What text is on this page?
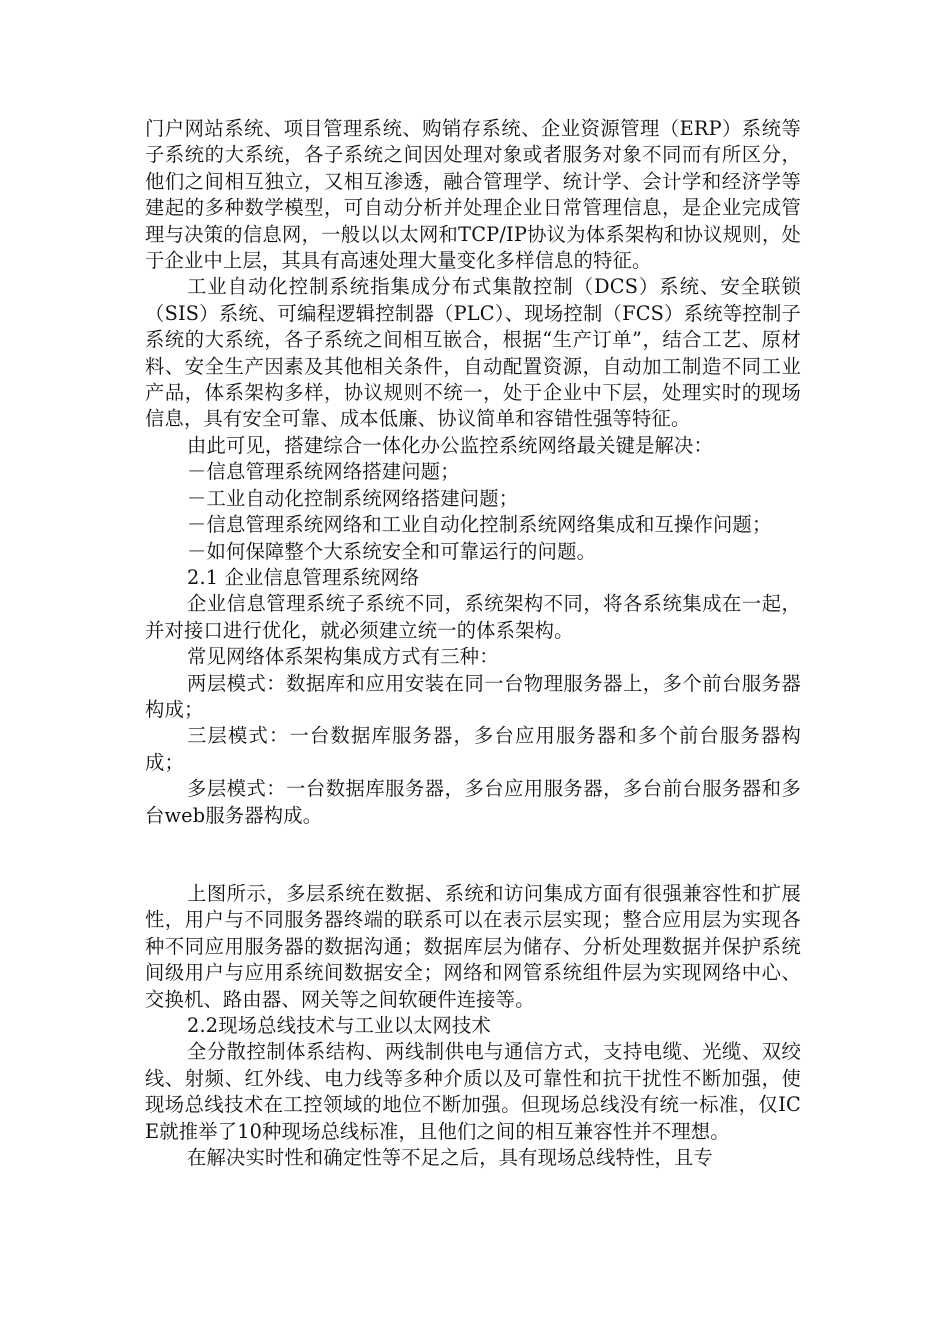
门户网站系统、项目管理系统、购销存系统、企业资源管理（ERP）系统等子系统的大系统，各子系统之间因处理对象或者服务对象不同而有所区分，他们之间相互独立，又相互渗透，融合管理学、统计学、会计学和经济学等建起的多种数学模型，可自动分析并处理企业日常管理信息，是企业完成管理与决策的信息网，一般以以太网和TCP/IP协议为体系架构和协议规则，处于企业中上层，其具有高速处理大量变化多样信息的特征。

工业自动化控制系统指集成分布式集散控制（DCS）系统、安全联锁（SIS）系统、可编程逻辑控制器（PLC）、现场控制（FCS）系统等控制子系统的大系统，各子系统之间相互嵌合，根据“生产订单”，结合工艺、原材料、安全生产因素及其他相关条件，自动配置资源，自动加工制造不同工业产品，体系架构多样，协议规则不统一，处于企业中下层，处理实时的现场信息，具有安全可靠、成本低廉、协议简单和容错性强等特征。

由此可见，搭建综合一体化办公监控系统网络最关键是解决：

－信息管理系统网络搭建问题；

－工业自动化控制系统网络搭建问题；

－信息管理系统网络和工业自动化控制系统网络集成和互操作问题；

－如何保障整个大系统安全和可靠运行的问题。

2.1 企业信息管理系统网络

企业信息管理系统子系统不同，系统架构不同，将各系统集成在一起，并对接口进行优化，就必须建立统一的体系架构。

常见网络体系架构集成方式有三种：

两层模式：数据库和应用安装在同一台物理服务器上，多个前台服务器构成；

三层模式：一台数据库服务器，多台应用服务器和多个前台服务器构成；

多层模式：一台数据库服务器，多台应用服务器，多台前台服务器和多台web服务器构成。

上图所示，多层系统在数据、系统和访问集成方面有很强兼容性和扩展性，用户与不同服务器终端的联系可以在表示层实现；整合应用层为实现各种不同应用服务器的数据沟通；数据库层为储存、分析处理数据并保护系统间级用户与应用系统间数据安全；网络和网管系统组件层为实现网络中心、交换机、路由器、网关等之间软硬件连接等。

2.2现场总线技术与工业以太网技术

全分散控制体系结构、两线制供电与通信方式，支持电缆、光缆、双绞线、射频、红外线、电力线等多种介质以及可靠性和抗干扰性不断加强，使现场总线技术在工控领域的地位不断加强。但现场总线没有统一标准，仅ICE就推举了10种现场总线标准，且他们之间的相互兼容性并不理想。

在解决实时性和确定性等不足之后，具有现场总线特性，且专
